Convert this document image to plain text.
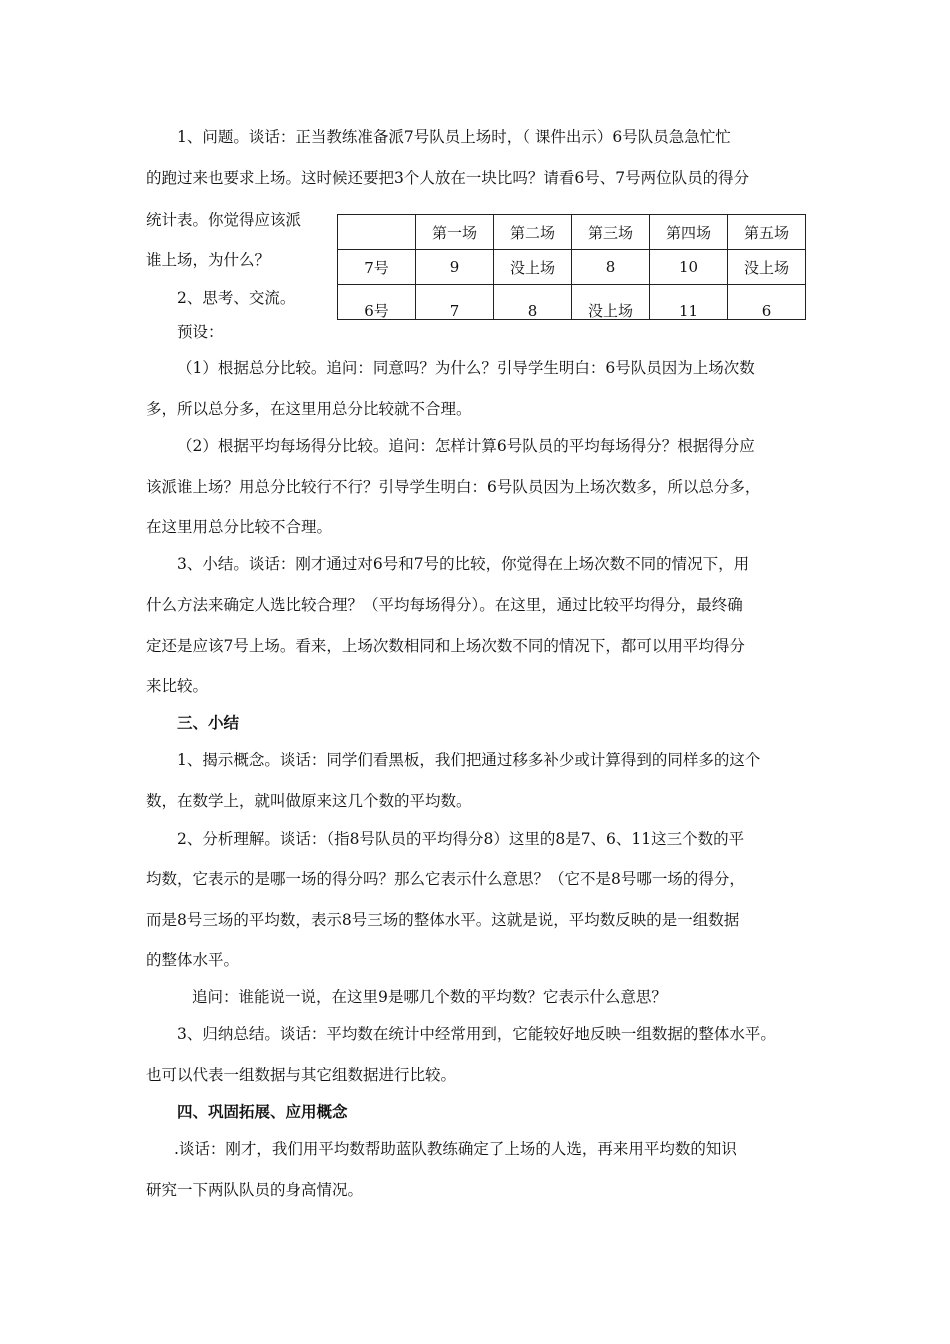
1、问题。谈话：正当教练准备派7号队员上场时，（ 课件出示）6号队员急急忙忙
的跑过来也要求上场。这时候还要把3个人放在一块比吗？请看6号、7号两位队员的得分
统计表。你觉得应该派
谁上场，为什么？
2、思考、交流。
预设：
	第一场	第二场	第三场	第四场	第五场
7号	9	没上场	8	10	没上场
6号	7	8	没上场	11	6
（1）根据总分比较。追问：同意吗？为什么？引导学生明白：6号队员因为上场次数
多，所以总分多，在这里用总分比较就不合理。
（2）根据平均每场得分比较。追问：怎样计算6号队员的平均每场得分？根据得分应
该派谁上场？用总分比较行不行？引导学生明白：6号队员因为上场次数多，所以总分多，
在这里用总分比较不合理。
3、小结。谈话：刚才通过对6号和7号的比较，你觉得在上场次数不同的情况下，用
什么方法来确定人选比较合理？（平均每场得分）。在这里，通过比较平均得分，最终确
定还是应该7号上场。看来，上场次数相同和上场次数不同的情况下，都可以用平均得分
来比较。
三、小结
1、揭示概念。谈话：同学们看黑板，我们把通过移多补少或计算得到的同样多的这个
数，在数学上，就叫做原来这几个数的平均数。
2、分析理解。谈话：（指8号队员的平均得分8）这里的8是7、6、11这三个数的平
均数，它表示的是哪一场的得分吗？那么它表示什么意思？（它不是8号哪一场的得分，
而是8号三场的平均数，表示8号三场的整体水平。这就是说，平均数反映的是一组数据
的整体水平。
追问：谁能说一说，在这里9是哪几个数的平均数？它表示什么意思？
3、归纳总结。谈话：平均数在统计中经常用到，它能较好地反映一组数据的整体水平。
也可以代表一组数据与其它组数据进行比较。
四、巩固拓展、应用概念
.谈话：刚才，我们用平均数帮助蓝队教练确定了上场的人选，再来用平均数的知识
研究一下两队队员的身高情况。
